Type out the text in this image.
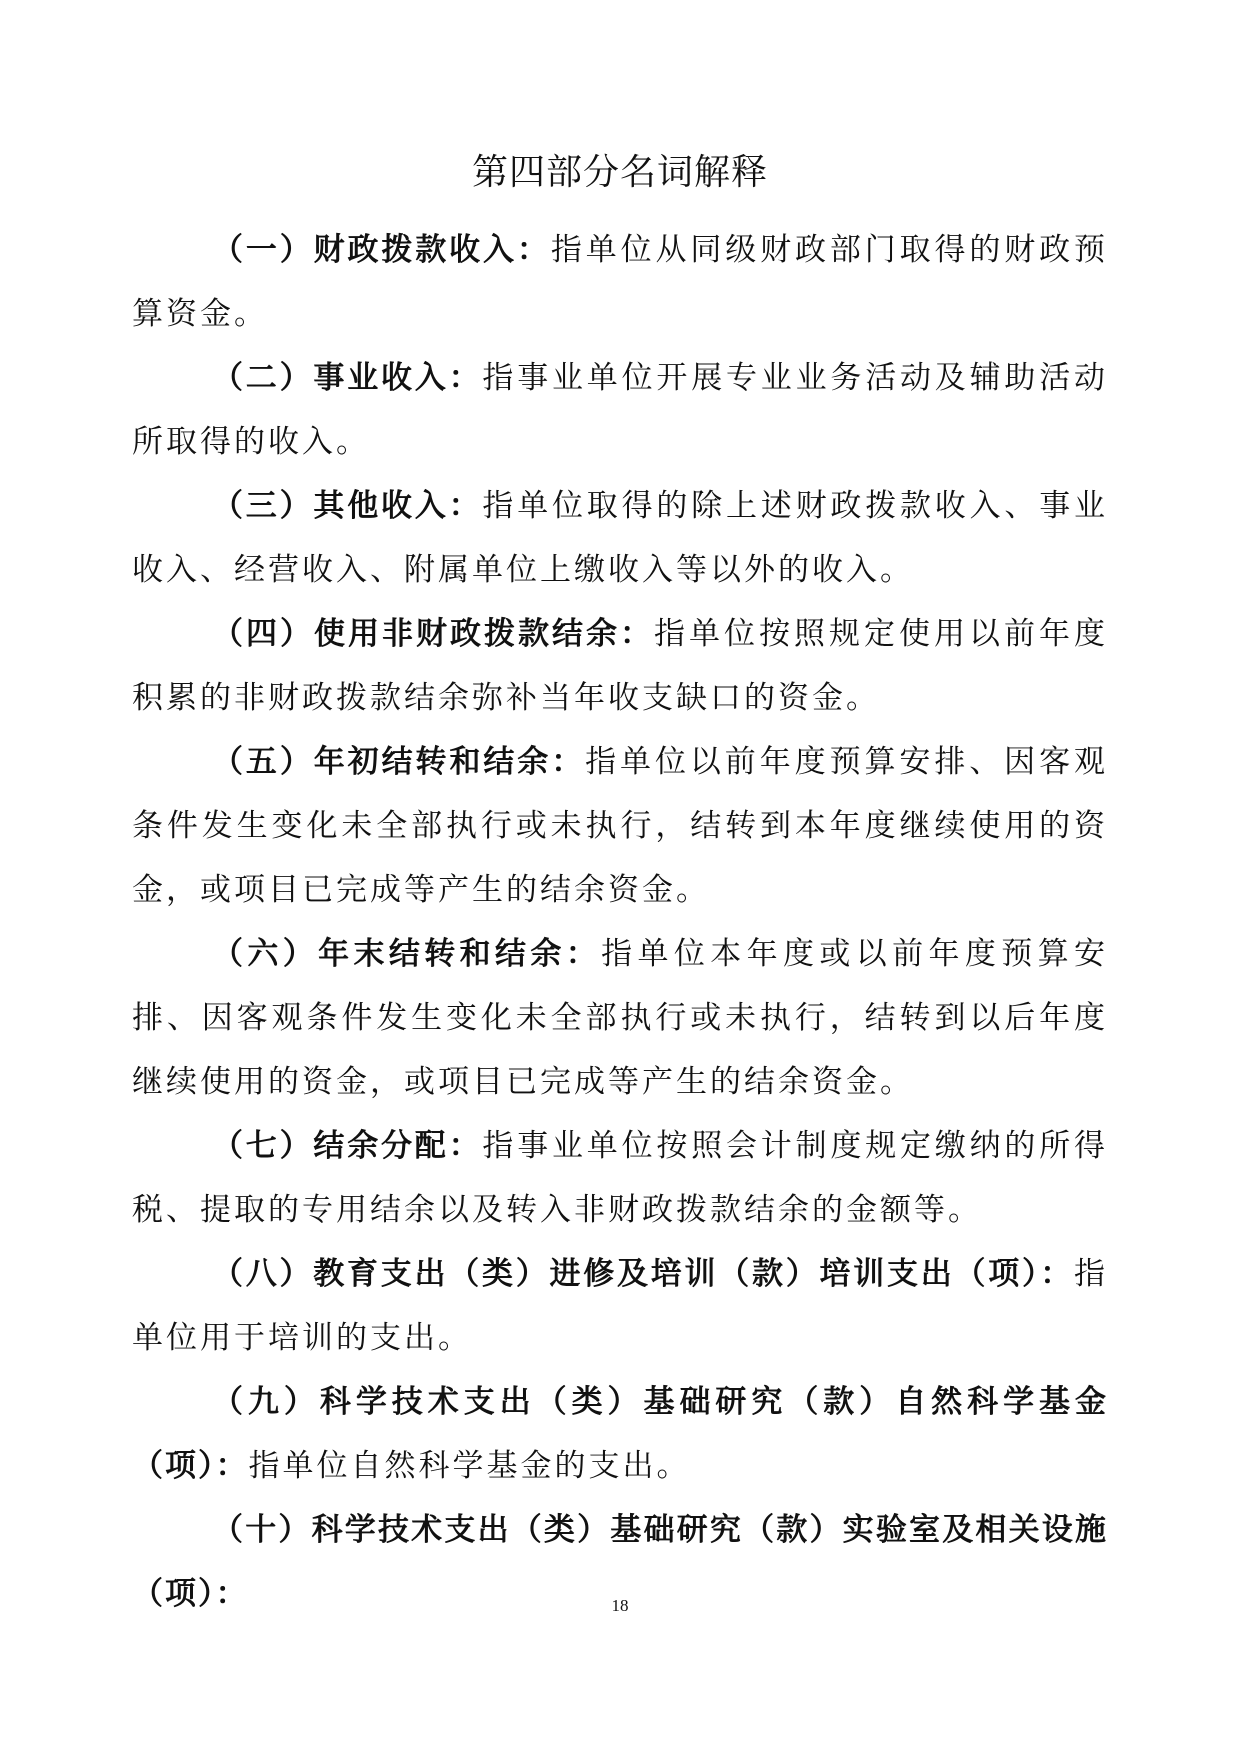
第四部分名词解释

（一）财政拨款收入：指单位从同级财政部门取得的财政预算资金。

（二）事业收入：指事业单位开展专业业务活动及辅助活动所取得的收入。

（三）其他收入：指单位取得的除上述财政拨款收入、事业收入、经营收入、附属单位上缴收入等以外的收入。

（四）使用非财政拨款结余：指单位按照规定使用以前年度积累的非财政拨款结余弥补当年收支缺口的资金。

（五）年初结转和结余：指单位以前年度预算安排、因客观条件发生变化未全部执行或未执行，结转到本年度继续使用的资金，或项目已完成等产生的结余资金。

（六）年末结转和结余：指单位本年度或以前年度预算安排、因客观条件发生变化未全部执行或未执行，结转到以后年度继续使用的资金，或项目已完成等产生的结余资金。

（七）结余分配：指事业单位按照会计制度规定缴纳的所得税、提取的专用结余以及转入非财政拨款结余的金额等。

（八）教育支出（类）进修及培训（款）培训支出（项）：指单位用于培训的支出。

（九）科学技术支出（类）基础研究（款）自然科学基金（项）：指单位自然科学基金的支出。

（十）科学技术支出（类）基础研究（款）实验室及相关设施（项）：	18
